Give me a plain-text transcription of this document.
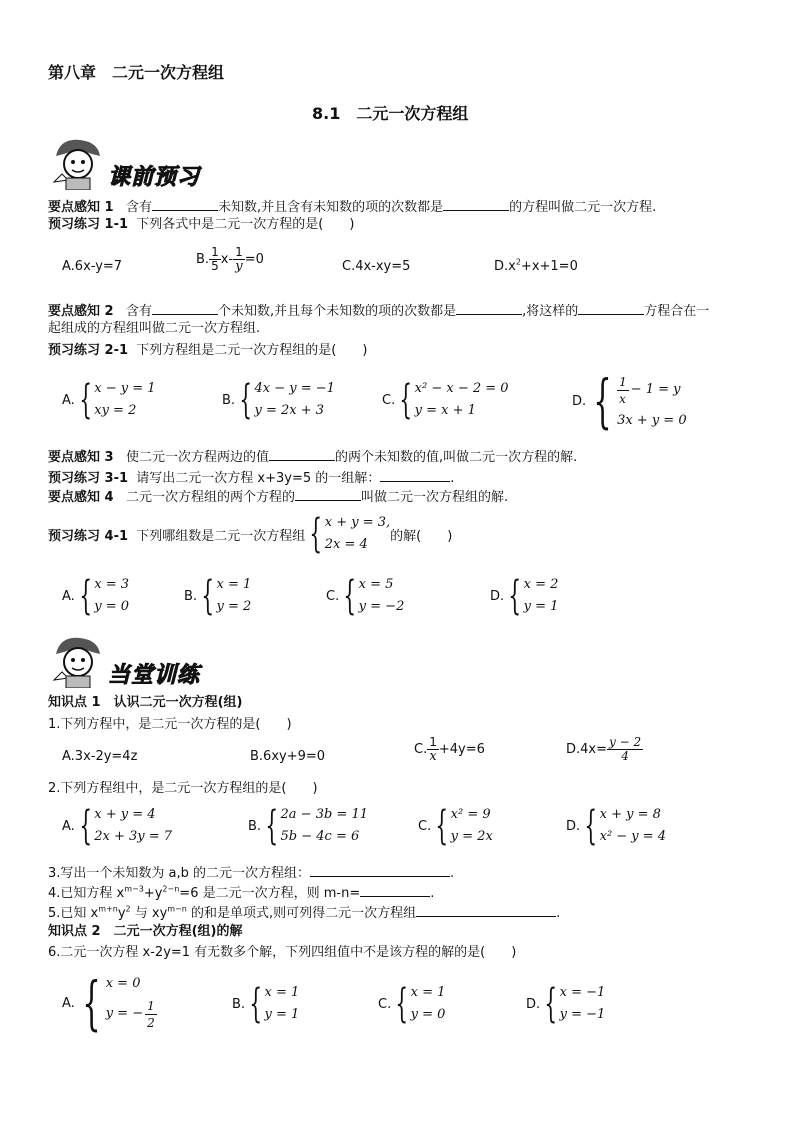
第八章　二元一次方程组
8.1　二元一次方程组
课前预习
要点感知 1 含有	未知数,并且含有未知数的项的次数都是	的方程叫做二元一次方程.
预习练习 1-1 下列各式中是二元一次方程的是(　　)
A.6x-y=7	B. $\frac{1}{5} x- \frac{1}{y} =0$	C.4x-xy=5	$D.x^2+x+1=0$
要点感知 2 含有	个未知数,并且每个未知数的项的次数都是	,将这样的	方程合在一
起组成的方程组叫做二元一次方程组.
预习练习 2-1 下列方程组是二元一次方程组的是(　　)
A. { x − y = 1
xy = 2
B. { 4x − y = −1
y = 2x + 3
C. { x² − x − 2 = 0
y = x + 1
D. { $\frac{1}{x} - 1 = y$
3x + y = 0
要点感知 3 使二元一次方程两边的值	的两个未知数的值,叫做二元一次方程的解.
预习练习 3-1 请写出二元一次方程 x+3y=5 的一组解：	.
要点感知 4 二元一次方程组的两个方程的	叫做二元一次方程组的解.
预习练习 4-1
下列哪组数是二元一次方程组 { x + y = 3,
2x = 4
的解(　　)
A. { x = 3
y = 0
B. { x = 1
y = 2
C. { x = 5
y = −2
D. { x = 2
y = 1
当堂训练
知识点 1　认识二元一次方程(组)
1.下列方程中，是二元一次方程的是(　　)
A.3x-2y=4z	B.6xy+9=0	C. $\frac{1}{x} +4y=6$	$D.4x= \frac{y - 2}{4}$
2.下列方程组中，是二元一次方程组的是(　　)
A. { x + y = 4
2x + 3y = 7
B. { 2a − 3b = 11
5b − 4c = 6
C. { x² = 9
y = 2x
D. { x + y = 8
x² − y = 4
3.写出一个未知数为 a,b 的二元一次方程组：	.
4.已知方程 $x^{m-3}+y^{2-n}=6$ 是二元一次方程，则 m-n=	.
5.已知 $x^{m+n}y^2$ 与 $xy^{m-n}$ 的和是单项式,则可列得二元一次方程组	.
知识点 2　二元一次方程(组)的解
6.二元一次方程 x-2y=1 有无数多个解，下列四组值中不是该方程的解的是(　　)
A. { x = 0
y = − $\frac{1}{2}$	B. { x = 1
y = 1
C. { x = 1
y = 0
D. { x = −1
y = −1
